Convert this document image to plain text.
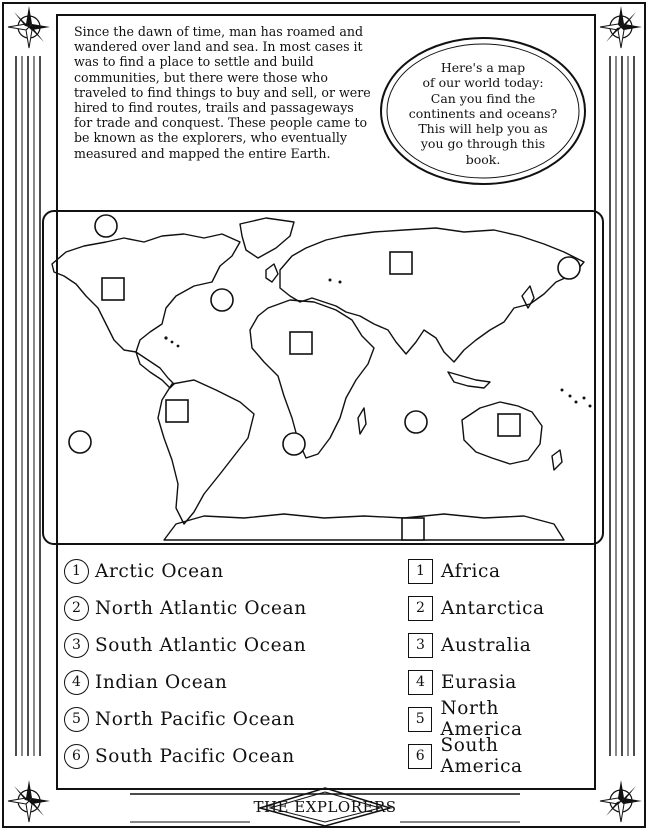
Since the dawn of time, man has roamed and wandered over land and sea. In most cases it was to find a place to settle and build communities, but there were those who traveled to find things to buy and sell, or were hired to find routes, trails and passageways for trade and conquest. These people came to be known as the explorers, who eventually measured and mapped the entire Earth.

Here's a map
of our world today:
Can you find the
continents and oceans?
This will help you as
you go through this
book.
1 Arctic Ocean
2 North Atlantic Ocean
3 South Atlantic Ocean
4 Indian Ocean
5 North Pacific Ocean
6 South Pacific Ocean
1 Africa
2 Antarctica
3 Australia
4 Eurasia
5 North America
6 South America
THE EXPLORERS
